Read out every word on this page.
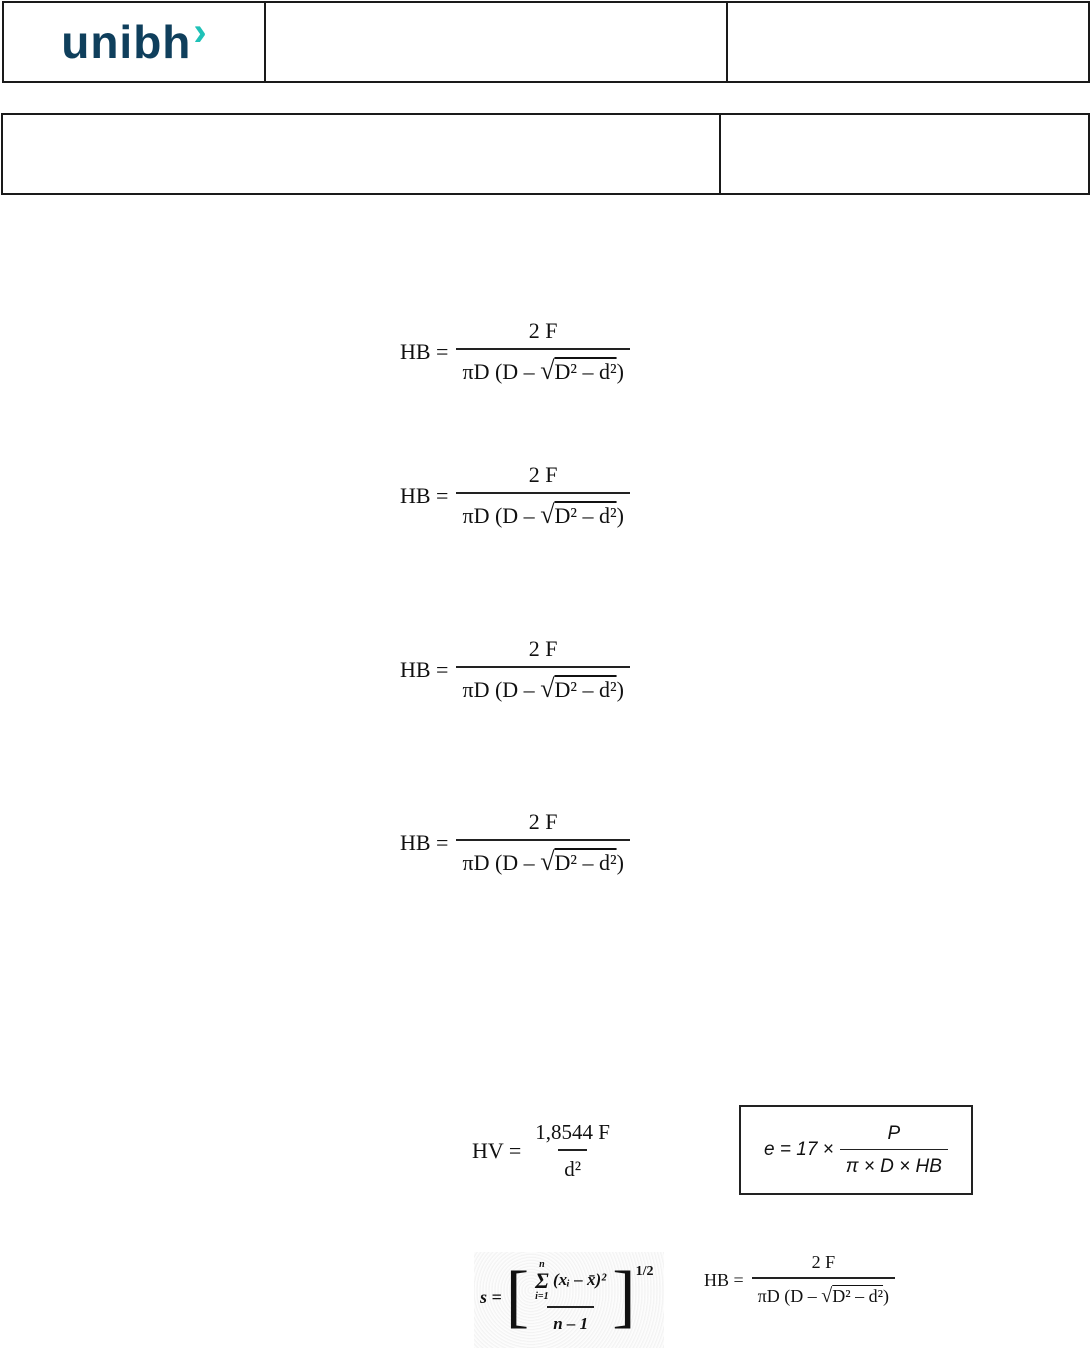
unibh ›
HB = $\frac{2 F}{\text{πD (D – √D² – d²)}}$
HB = $\frac{2 F}{\text{πD (D – √D² – d²)}}$
HB = $\frac{2 F}{\text{πD (D – √D² – d²)}}$
HB = $\frac{2 F}{\text{πD (D – √D² – d²)}}$
HV = $\frac{1,8544 F}{\text{d²}}$	$e = 17 \times \frac{P}{\pi \times D \times HB}$
s = [ n
Σ
i=1
(xᵢ – x̄)²
n – 1 ]$^{1/2}$	HB = $\frac{2 F}{\text{πD (D – √D² – d²)}}$
